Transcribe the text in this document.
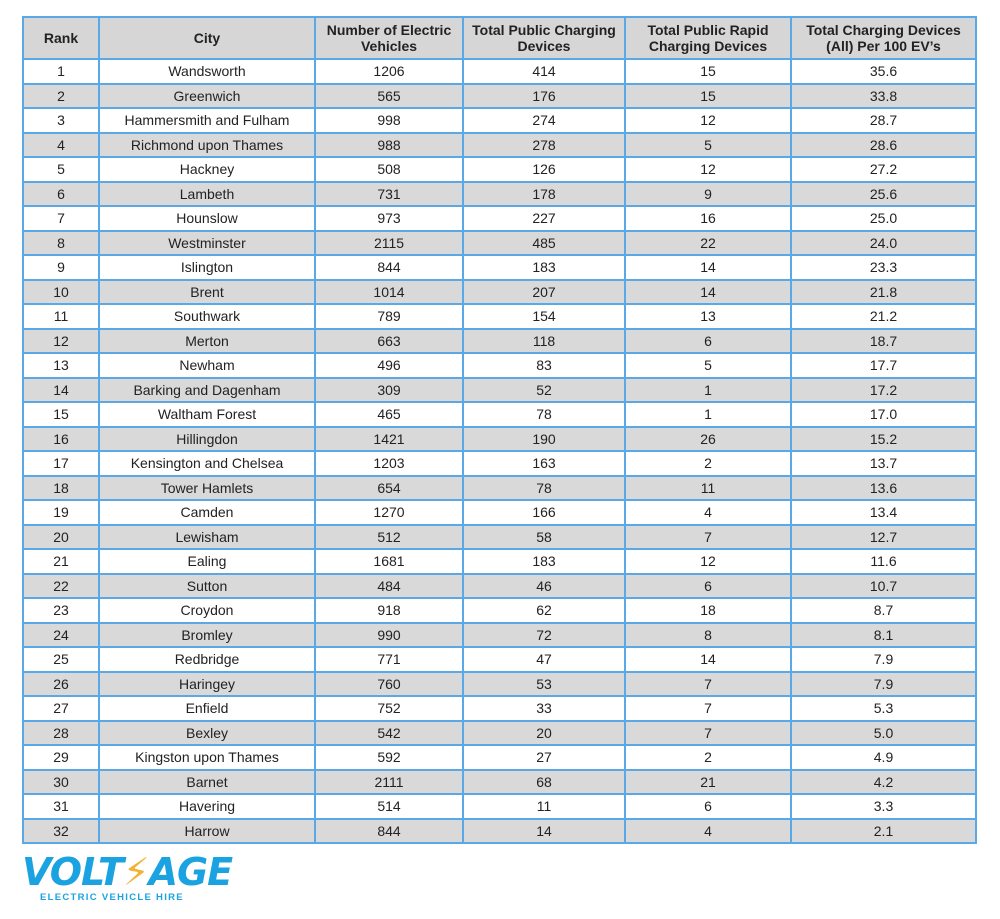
Rank	City	Number of Electric Vehicles	Total Public Charging Devices	Total Public Rapid Charging Devices	Total Charging Devices (All) Per 100 EV’s
1	Wandsworth	1206	414	15	35.6
2	Greenwich	565	176	15	33.8
3	Hammersmith and Fulham	998	274	12	28.7
4	Richmond upon Thames	988	278	5	28.6
5	Hackney	508	126	12	27.2
6	Lambeth	731	178	9	25.6
7	Hounslow	973	227	16	25.0
8	Westminster	2115	485	22	24.0
9	Islington	844	183	14	23.3
10	Brent	1014	207	14	21.8
11	Southwark	789	154	13	21.2
12	Merton	663	118	6	18.7
13	Newham	496	83	5	17.7
14	Barking and Dagenham	309	52	1	17.2
15	Waltham Forest	465	78	1	17.0
16	Hillingdon	1421	190	26	15.2
17	Kensington and Chelsea	1203	163	2	13.7
18	Tower Hamlets	654	78	11	13.6
19	Camden	1270	166	4	13.4
20	Lewisham	512	58	7	12.7
21	Ealing	1681	183	12	11.6
22	Sutton	484	46	6	10.7
23	Croydon	918	62	18	8.7
24	Bromley	990	72	8	8.1
25	Redbridge	771	47	14	7.9
26	Haringey	760	53	7	7.9
27	Enfield	752	33	7	5.3
28	Bexley	542	20	7	5.0
29	Kingston upon Thames	592	27	2	4.9
30	Barnet	2111	68	21	4.2
31	Havering	514	11	6	3.3
32	Harrow	844	14	4	2.1
VOLT⚡AGE
ELECTRIC VEHICLE HIRE
